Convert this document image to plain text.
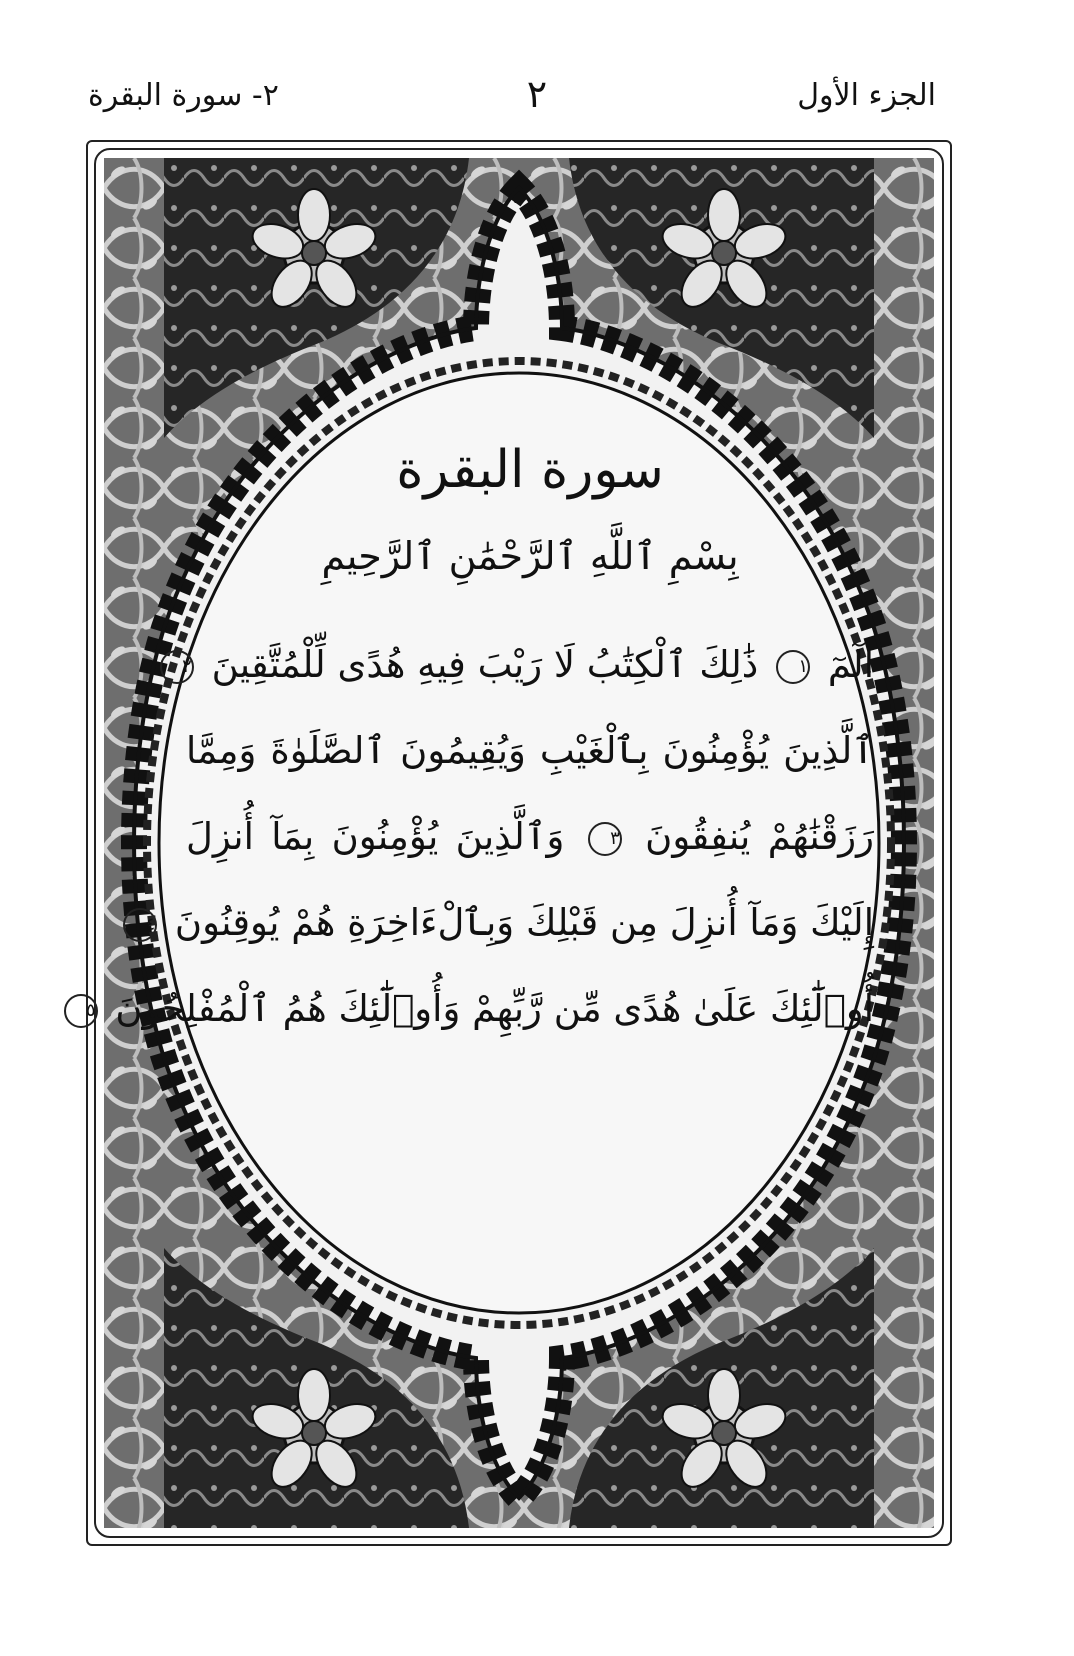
الجزء الأول
٢
٢- سورة البقرة
سورة البقرة
بِسْمِ ٱللَّهِ ٱلرَّحْمَٰنِ ٱلرَّحِيمِ
الٓمٓ ١ ذَٰلِكَ ٱلْكِتَٰبُ لَا رَيْبَ فِيهِ هُدًى لِّلْمُتَّقِينَ ٢
ٱلَّذِينَ يُؤْمِنُونَ بِٱلْغَيْبِ وَيُقِيمُونَ ٱلصَّلَوٰةَ وَمِمَّا
رَزَقْنَٰهُمْ يُنفِقُونَ ٣ وَٱلَّذِينَ يُؤْمِنُونَ بِمَآ أُنزِلَ
إِلَيْكَ وَمَآ أُنزِلَ مِن قَبْلِكَ وَبِٱلْءَاخِرَةِ هُمْ يُوقِنُونَ ٤
أُو۟لَٰٓئِكَ عَلَىٰ هُدًى مِّن رَّبِّهِمْ وَأُو۟لَٰٓئِكَ هُمُ ٱلْمُفْلِحُونَ ٥
